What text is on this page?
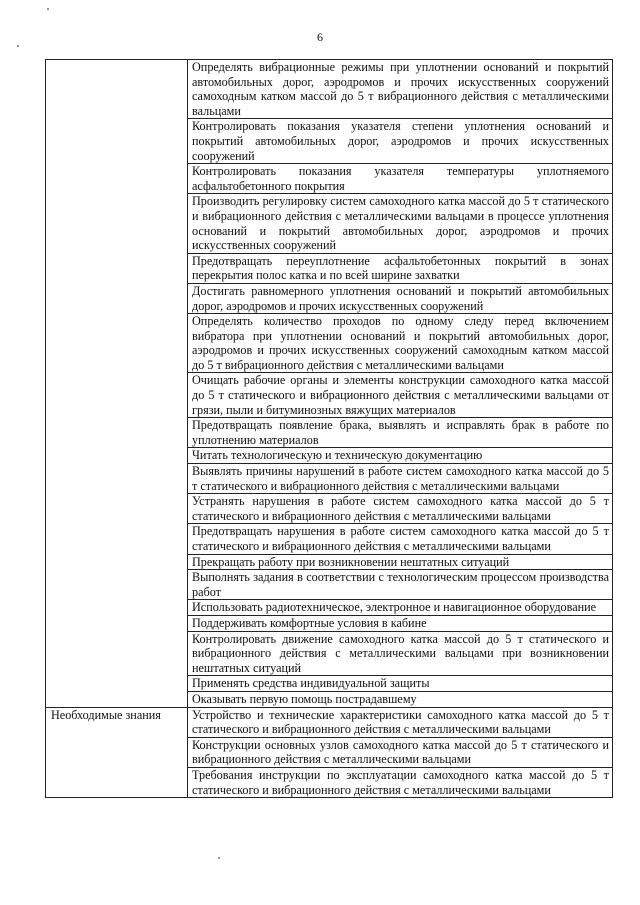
6
	Определять вибрационные режимы при уплотнении оснований и покрытий автомобильных дорог, аэродромов и прочих искусственных сооружений самоходным катком массой до 5 т вибрационного действия с металлическими вальцами
	Контролировать показания указателя степени уплотнения оснований и покрытий автомобильных дорог, аэродромов и прочих искусственных сооружений
	Контролировать показания указателя температуры уплотняемого асфальтобетонного покрытия
	Производить регулировку систем самоходного катка массой до 5 т статического и вибрационного действия с металлическими вальцами в процессе уплотнения оснований и покрытий автомобильных дорог, аэродромов и прочих искусственных сооружений
	Предотвращать переуплотнение асфальтобетонных покрытий в зонах перекрытия полос катка и по всей ширине захватки
	Достигать равномерного уплотнения оснований и покрытий автомобильных дорог, аэродромов и прочих искусственных сооружений
	Определять количество проходов по одному следу перед включением вибратора при уплотнении оснований и покрытий автомобильных дорог, аэродромов и прочих искусственных сооружений самоходным катком массой до 5 т вибрационного действия с металлическими вальцами
	Очищать рабочие органы и элементы конструкции самоходного катка массой до 5 т статического и вибрационного действия с металлическими вальцами от грязи, пыли и битуминозных вяжущих материалов
	Предотвращать появление брака, выявлять и исправлять брак в работе по уплотнению материалов
	Читать технологическую и техническую документацию
	Выявлять причины нарушений в работе систем самоходного катка массой до 5 т статического и вибрационного действия с металлическими вальцами
	Устранять нарушения в работе систем самоходного катка массой до 5 т статического и вибрационного действия с металлическими вальцами
	Предотвращать нарушения в работе систем самоходного катка массой до 5 т статического и вибрационного действия с металлическими вальцами
	Прекращать работу при возникновении нештатных ситуаций
	Выполнять задания в соответствии с технологическим процессом производства работ
	Использовать радиотехническое, электронное и навигационное оборудование
	Поддерживать комфортные условия в кабине
	Контролировать движение самоходного катка массой до 5 т статического и вибрационного действия с металлическими вальцами при возникновении нештатных ситуаций
	Применять средства индивидуальной защиты
	Оказывать первую помощь пострадавшему
Необходимые знания	Устройство и технические характеристики самоходного катка массой до 5 т статического и вибрационного действия с металлическими вальцами
	Конструкции основных узлов самоходного катка массой до 5 т статического и вибрационного действия с металлическими вальцами
	Требования инструкции по эксплуатации самоходного катка массой до 5 т статического и вибрационного действия с металлическими вальцами
